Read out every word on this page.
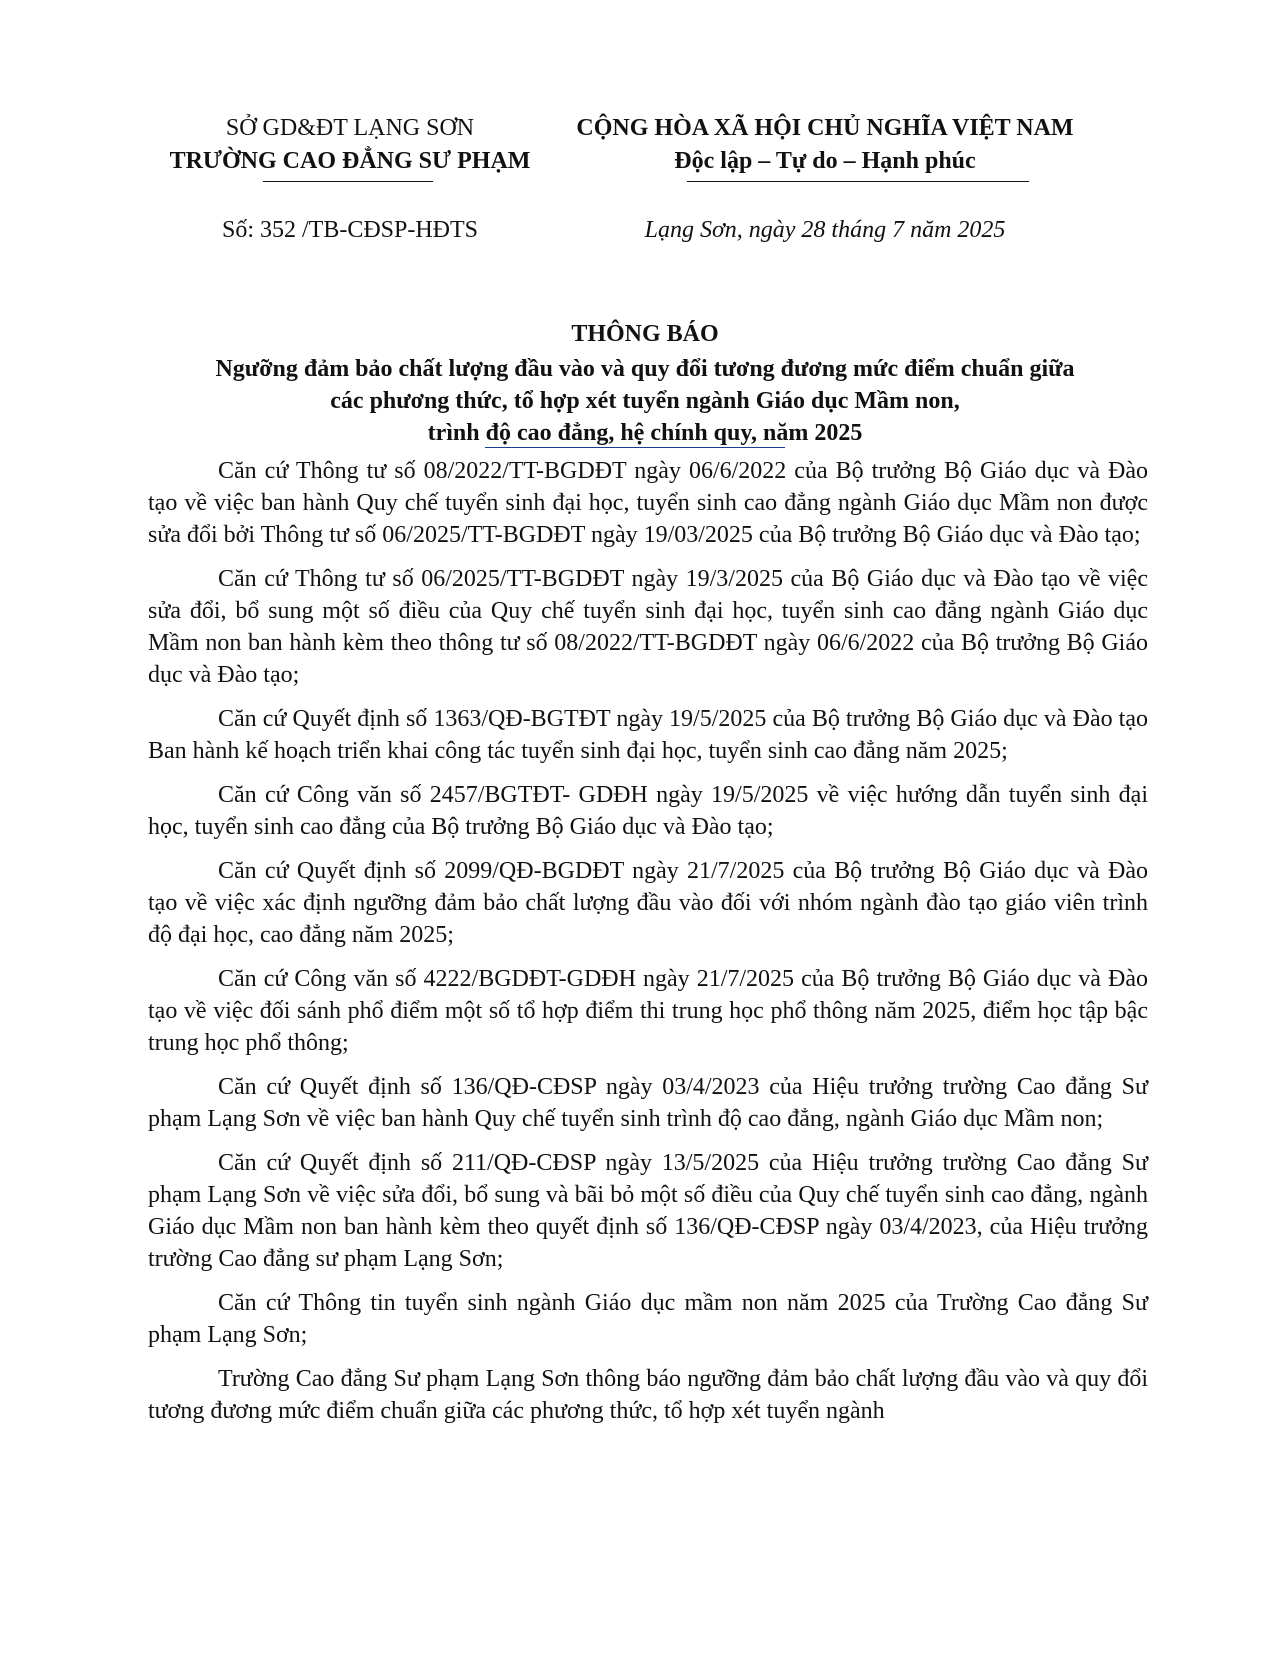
SỞ GD&ĐT LẠNG SƠN
TRƯỜNG CAO ĐẲNG SƯ PHẠM
CỘNG HÒA XÃ HỘI CHỦ NGHĨA VIỆT NAM
Độc lập – Tự do – Hạnh phúc
Số: 352 /TB-CĐSP-HĐTS	Lạng Sơn, ngày 28 tháng 7 năm 2025
THÔNG BÁO
Ngưỡng đảm bảo chất lượng đầu vào và quy đổi tương đương mức điểm chuẩn giữa
các phương thức, tổ hợp xét tuyển ngành Giáo dục Mầm non,
trình độ cao đẳng, hệ chính quy, năm 2025

Căn cứ Thông tư số 08/2022/TT-BGDĐT ngày 06/6/2022 của Bộ trưởng Bộ Giáo dục và Đào tạo về việc ban hành Quy chế tuyển sinh đại học, tuyển sinh cao đẳng ngành Giáo dục Mầm non được sửa đổi bởi Thông tư số 06/2025/TT-BGDĐT ngày 19/03/2025 của Bộ trưởng Bộ Giáo dục và Đào tạo;

Căn cứ Thông tư số 06/2025/TT-BGDĐT ngày 19/3/2025 của Bộ Giáo dục và Đào tạo về việc sửa đổi, bổ sung một số điều của Quy chế tuyển sinh đại học, tuyển sinh cao đẳng ngành Giáo dục Mầm non ban hành kèm theo thông tư số 08/2022/TT-BGDĐT ngày 06/6/2022 của Bộ trưởng Bộ Giáo dục và Đào tạo;

Căn cứ Quyết định số 1363/QĐ-BGTĐT ngày 19/5/2025 của Bộ trưởng Bộ Giáo dục và Đào tạo Ban hành kế hoạch triển khai công tác tuyển sinh đại học, tuyển sinh cao đẳng năm 2025;

Căn cứ Công văn số 2457/BGTĐT- GDĐH ngày 19/5/2025 về việc hướng dẫn tuyển sinh đại học, tuyển sinh cao đẳng của Bộ trưởng Bộ Giáo dục và Đào tạo;

Căn cứ Quyết định số 2099/QĐ-BGDĐT ngày 21/7/2025 của Bộ trưởng Bộ Giáo dục và Đào tạo về việc xác định ngưỡng đảm bảo chất lượng đầu vào đối với nhóm ngành đào tạo giáo viên trình độ đại học, cao đẳng năm 2025;

Căn cứ Công văn số 4222/BGDĐT-GDĐH ngày 21/7/2025 của Bộ trưởng Bộ Giáo dục và Đào tạo về việc đối sánh phổ điểm một số tổ hợp điểm thi trung học phổ thông năm 2025, điểm học tập bậc trung học phổ thông;

Căn cứ Quyết định số 136/QĐ-CĐSP ngày 03/4/2023 của Hiệu trưởng trường Cao đẳng Sư phạm Lạng Sơn về việc ban hành Quy chế tuyển sinh trình độ cao đẳng, ngành Giáo dục Mầm non;

Căn cứ Quyết định số 211/QĐ-CĐSP ngày 13/5/2025 của Hiệu trưởng trường Cao đẳng Sư phạm Lạng Sơn về việc sửa đổi, bổ sung và bãi bỏ một số điều của Quy chế tuyển sinh cao đẳng, ngành Giáo dục Mầm non ban hành kèm theo quyết định số 136/QĐ-CĐSP ngày 03/4/2023, của Hiệu trưởng trường Cao đẳng sư phạm Lạng Sơn;

Căn cứ Thông tin tuyển sinh ngành Giáo dục mầm non năm 2025 của Trường Cao đẳng Sư phạm Lạng Sơn;

Trường Cao đẳng Sư phạm Lạng Sơn thông báo ngưỡng đảm bảo chất lượng đầu vào và quy đổi tương đương mức điểm chuẩn giữa các phương thức, tổ hợp xét tuyển ngành
